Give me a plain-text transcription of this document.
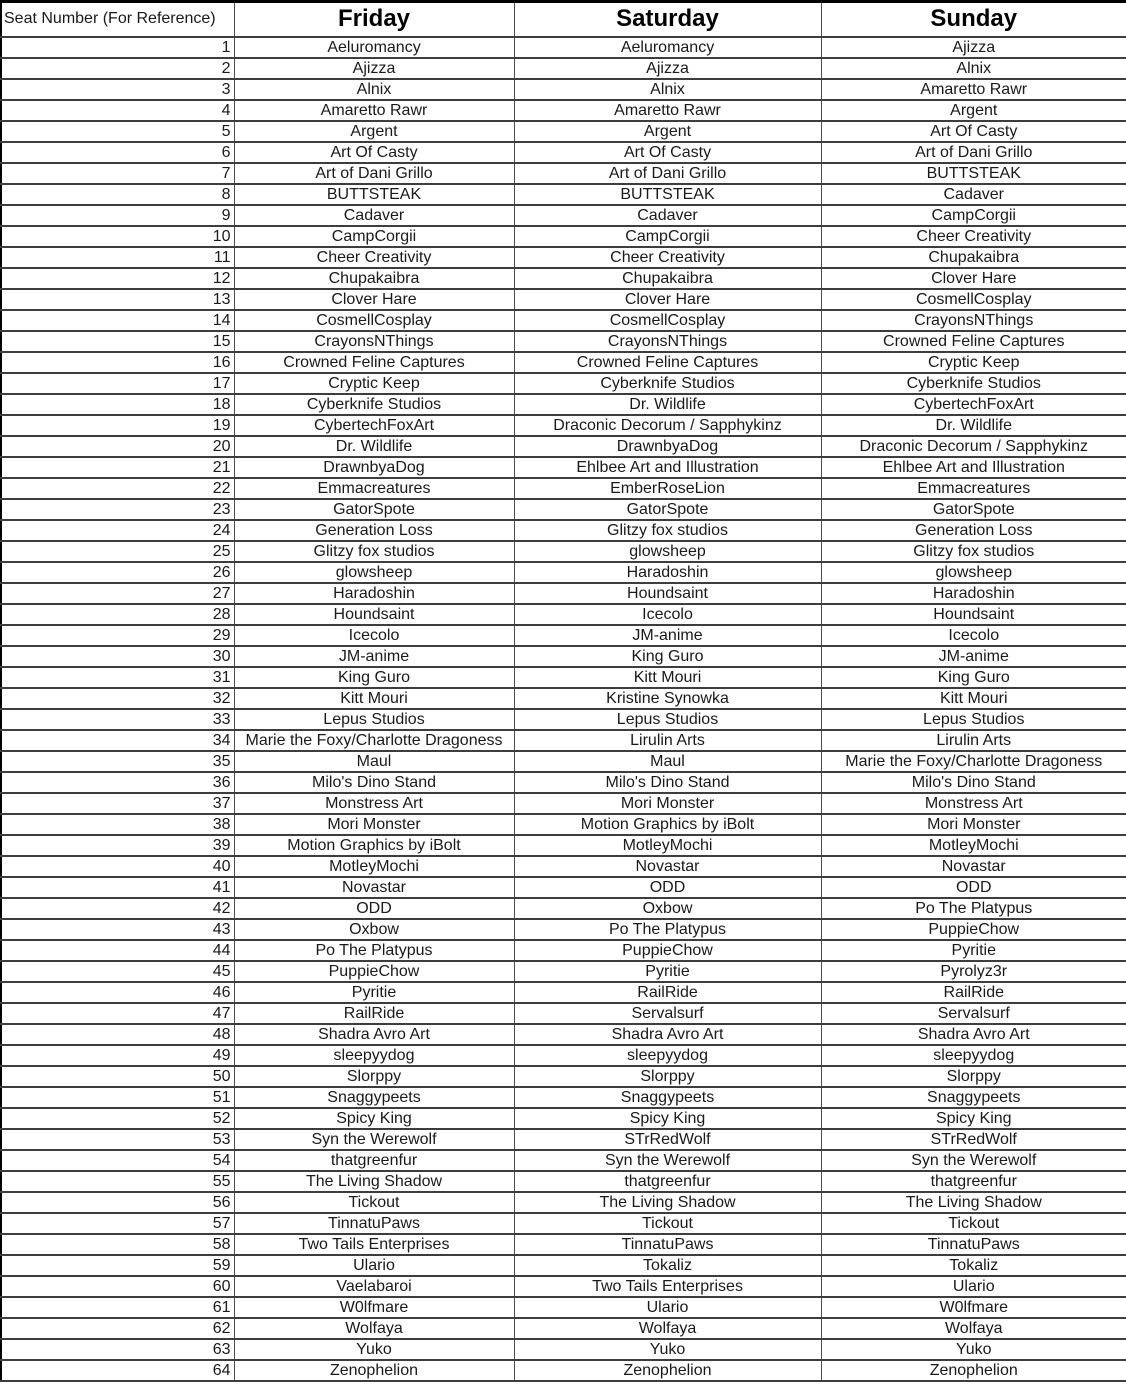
Seat Number (For Reference)	Friday	Saturday	Sunday
1	Aeluromancy	Aeluromancy	Ajizza
2	Ajizza	Ajizza	Alnix
3	Alnix	Alnix	Amaretto Rawr
4	Amaretto Rawr	Amaretto Rawr	Argent
5	Argent	Argent	Art Of Casty
6	Art Of Casty	Art Of Casty	Art of Dani Grillo
7	Art of Dani Grillo	Art of Dani Grillo	BUTTSTEAK
8	BUTTSTEAK	BUTTSTEAK	Cadaver
9	Cadaver	Cadaver	CampCorgii
10	CampCorgii	CampCorgii	Cheer Creativity
11	Cheer Creativity	Cheer Creativity	Chupakaibra
12	Chupakaibra	Chupakaibra	Clover Hare
13	Clover Hare	Clover Hare	CosmellCosplay
14	CosmellCosplay	CosmellCosplay	CrayonsNThings
15	CrayonsNThings	CrayonsNThings	Crowned Feline Captures
16	Crowned Feline Captures	Crowned Feline Captures	Cryptic Keep
17	Cryptic Keep	Cyberknife Studios	Cyberknife Studios
18	Cyberknife Studios	Dr. Wildlife	CybertechFoxArt
19	CybertechFoxArt	Draconic Decorum / Sapphykinz	Dr. Wildlife
20	Dr. Wildlife	DrawnbyaDog	Draconic Decorum / Sapphykinz
21	DrawnbyaDog	Ehlbee Art and Illustration	Ehlbee Art and Illustration
22	Emmacreatures	EmberRoseLion	Emmacreatures
23	GatorSpote	GatorSpote	GatorSpote
24	Generation Loss	Glitzy fox studios	Generation Loss
25	Glitzy fox studios	glowsheep	Glitzy fox studios
26	glowsheep	Haradoshin	glowsheep
27	Haradoshin	Houndsaint	Haradoshin
28	Houndsaint	Icecolo	Houndsaint
29	Icecolo	JM-anime	Icecolo
30	JM-anime	King Guro	JM-anime
31	King Guro	Kitt Mouri	King Guro
32	Kitt Mouri	Kristine Synowka	Kitt Mouri
33	Lepus Studios	Lepus Studios	Lepus Studios
34	Marie the Foxy/Charlotte Dragoness	Lirulin Arts	Lirulin Arts
35	Maul	Maul	Marie the Foxy/Charlotte Dragoness
36	Milo's Dino Stand	Milo's Dino Stand	Milo's Dino Stand
37	Monstress Art	Mori Monster	Monstress Art
38	Mori Monster	Motion Graphics by iBolt	Mori Monster
39	Motion Graphics by iBolt	MotleyMochi	MotleyMochi
40	MotleyMochi	Novastar	Novastar
41	Novastar	ODD	ODD
42	ODD	Oxbow	Po The Platypus
43	Oxbow	Po The Platypus	PuppieChow
44	Po The Platypus	PuppieChow	Pyritie
45	PuppieChow	Pyritie	Pyrolyz3r
46	Pyritie	RailRide	RailRide
47	RailRide	Servalsurf	Servalsurf
48	Shadra Avro Art	Shadra Avro Art	Shadra Avro Art
49	sleepyydog	sleepyydog	sleepyydog
50	Slorppy	Slorppy	Slorppy
51	Snaggypeets	Snaggypeets	Snaggypeets
52	Spicy King	Spicy King	Spicy King
53	Syn the Werewolf	STrRedWolf	STrRedWolf
54	thatgreenfur	Syn the Werewolf	Syn the Werewolf
55	The Living Shadow	thatgreenfur	thatgreenfur
56	Tickout	The Living Shadow	The Living Shadow
57	TinnatuPaws	Tickout	Tickout
58	Two Tails Enterprises	TinnatuPaws	TinnatuPaws
59	Ulario	Tokaliz	Tokaliz
60	Vaelabaroi	Two Tails Enterprises	Ulario
61	W0lfmare	Ulario	W0lfmare
62	Wolfaya	Wolfaya	Wolfaya
63	Yuko	Yuko	Yuko
64	Zenophelion	Zenophelion	Zenophelion
